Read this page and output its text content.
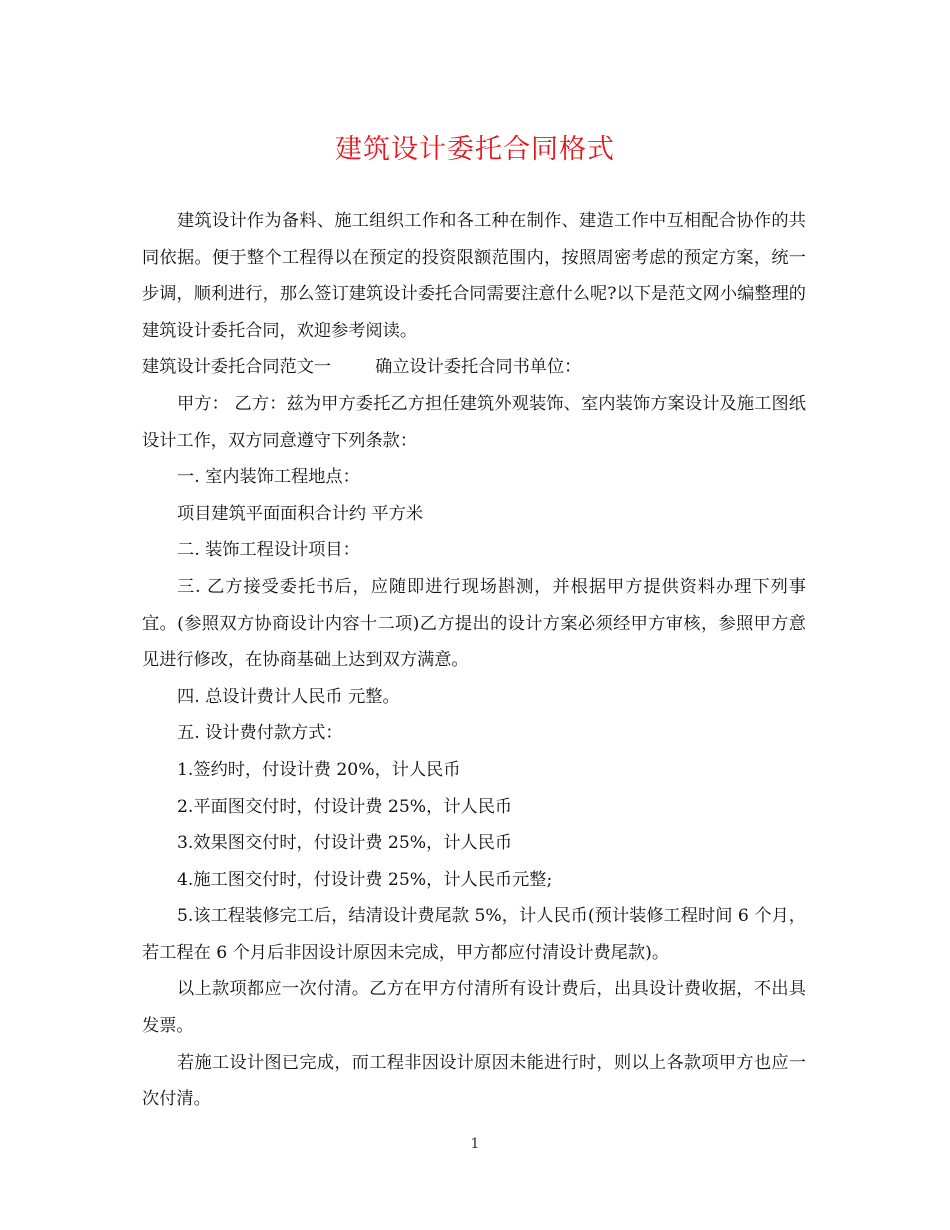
建筑设计委托合同格式

建筑设计作为备料、施工组织工作和各工种在制作、建造工作中互相配合协作的共同依据。便于整个工程得以在预定的投资限额范围内，按照周密考虑的预定方案，统一步调，顺利进行，那么签订建筑设计委托合同需要注意什么呢?以下是范文网小编整理的建筑设计委托合同，欢迎参考阅读。

建筑设计委托合同范文一	确立设计委托合同书单位：

甲方： 乙方：兹为甲方委托乙方担任建筑外观装饰、室内装饰方案设计及施工图纸设计工作，双方同意遵守下列条款：

一. 室内装饰工程地点：

项目建筑平面面积合计约 平方米

二. 装饰工程设计项目：

三. 乙方接受委托书后，应随即进行现场斟测，并根据甲方提供资料办理下列事宜。(参照双方协商设计内容十二项)乙方提出的设计方案必须经甲方审核，参照甲方意见进行修改，在协商基础上达到双方满意。

四. 总设计费计人民币 元整。

五. 设计费付款方式：

1.签约时，付设计费 20%，计人民币

2.平面图交付时，付设计费 25%，计人民币

3.效果图交付时，付设计费 25%，计人民币

4.施工图交付时，付设计费 25%，计人民币元整;

5.该工程装修完工后，结清设计费尾款 5%，计人民币(预计装修工程时间 6 个月，若工程在 6 个月后非因设计原因未完成，甲方都应付清设计费尾款)。

以上款项都应一次付清。乙方在甲方付清所有设计费后，出具设计费收据，不出具发票。

若施工设计图已完成，而工程非因设计原因未能进行时，则以上各款项甲方也应一次付清。

1
